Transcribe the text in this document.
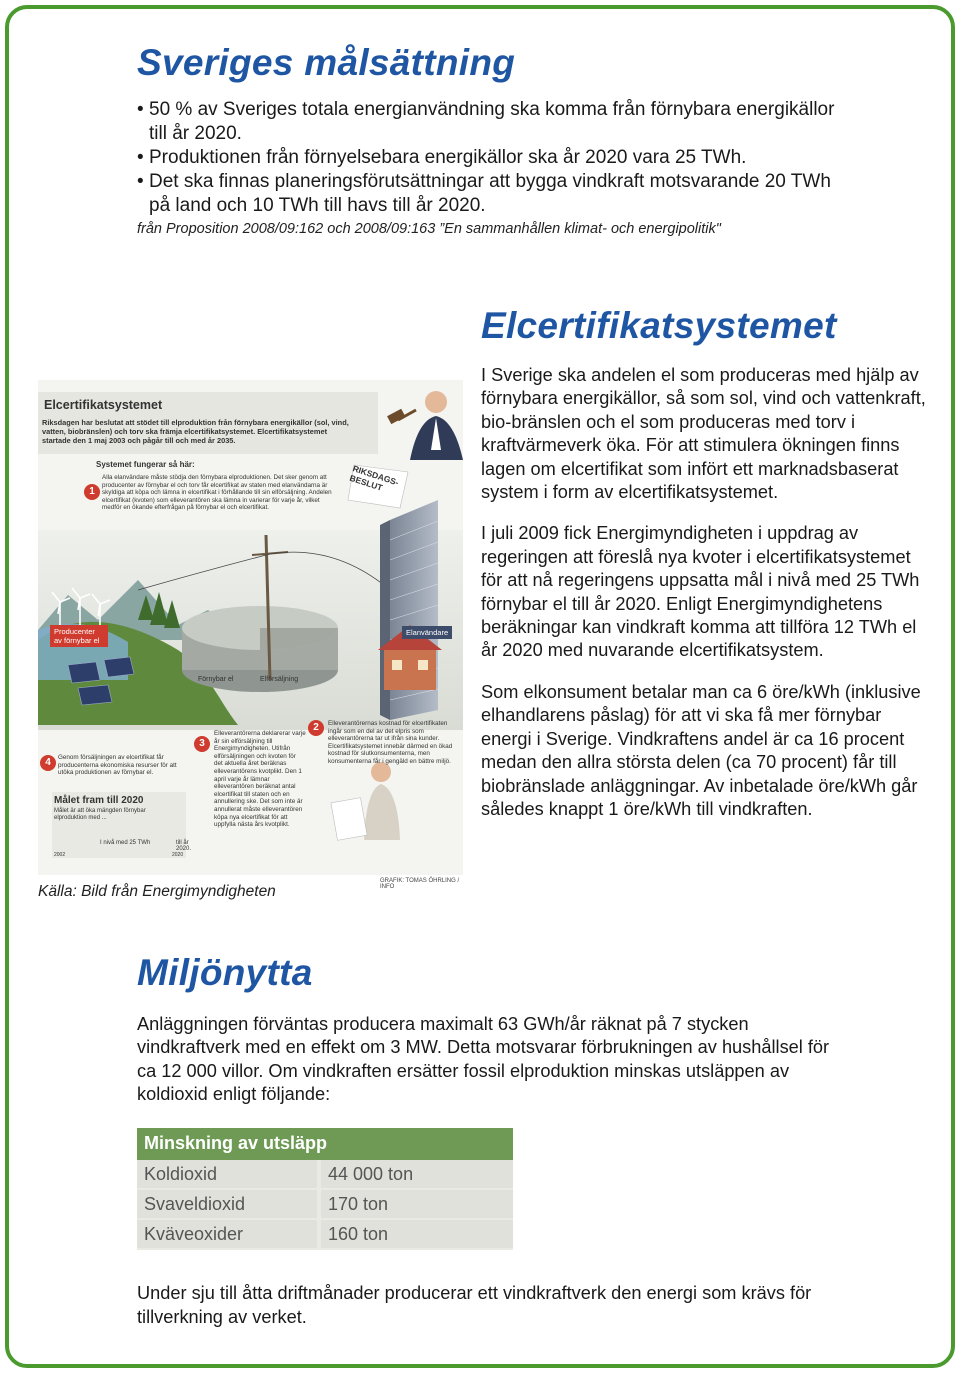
Sveriges målsättning
• 50 % av Sveriges totala energianvändning ska komma från förnybara energikällor till år 2020.
• Produktionen från förnyelsebara energikällor ska år 2020 vara 25 TWh.
• Det ska finnas planeringsförutsättningar att bygga vindkraft motsvarande 20 TWh på land och 10 TWh till havs till år 2020.
från Proposition 2008/09:162 och 2008/09:163 ”En sammanhållen klimat- och energipolitik"
Elcertifikatsystemet

I Sverige ska andelen el som produceras med hjälp av förnybara energikällor, så som sol, vind och vattenkraft, bio-bränslen och el som produceras med torv i kraftvärmeverk öka. För att stimulera ökningen finns lagen om elcertifikat som infört ett marknadsbaserat system i form av elcertifikatsystemet.

I juli 2009 fick Energimyndigheten i uppdrag av regeringen att föreslå nya kvoter i elcertifikatsystemet för att nå regeringens uppsatta mål i nivå med 25 TWh förnybar el till år 2020. Enligt Energimyndighetens beräkningar kan vindkraft komma att tillföra 12 TWh el år 2020 med nuvarande elcertifikatsystem.

Som elkonsument betalar man ca 6 öre/kWh (inklusive elhandlarens påslag) för att vi ska få mer förnybar energi i Sverige. Vindkraftens andel är ca 16 procent medan den allra största delen (ca 70 procent) får till biobränslade anläggningar. Av inbetalade öre/kWh går således knappt 1 öre/kWh till vindkraften.

Elcertifikatsystemet
Riksdagen har beslutat att stödet till elproduktion från förnybara energikällor (sol, vind, vatten, biobränslen) och torv ska främja elcertifikatsystemet. Elcertifikatsystemet startade den 1 maj 2003 och pågår till och med år 2035.
Systemet fungerar så här:
1
Alla elanvändare måste stödja den förnybara elproduktionen. Det sker genom att producenter av förnybar el och torv får elcertifikat av staten med elanvändarna är skyldiga att köpa och lämna in elcertifikat i förhållande till sin elförsäljning. Andelen elcertifikat (kvoten) som elleverantören ska lämna in varierar för varje år, vilket medför en ökande efterfrågan på förnybar el och elcertifikat.
RIKSDAGS-BESLUT
Producenter av förnybar el
Elanvändare
Förnybar el	Elförsäljning
2	Elleverantörernas kostnad för elcertifikaten ingår som en del av det elpris som elleverantörerna tar ut ifrån sina kunder. Elcertifikatsystemet innebär därmed en ökad kostnad för slutkonsumenterna, men konsumenterna får i gengäld en bättre miljö.
3
Elleverantörerna deklarerar varje år sin elförsäljning till Energimyndigheten. Utifrån elförsäljningen och kvoten för det aktuella året beräknas elleverantörens kvotplikt. Den 1 april varje år lämnar elleverantören beräknat antal elcertifikat till staten och en annullering ske. Det som inte är annullerat måste elleverantören köpa nya elcertifikat för att uppfylla nästa års kvotplikt.
4	Genom försäljningen av elcertifikat får producenterna ekonomiska resurser för att utöka produktionen av förnybar el.
Målet fram till 2020
Målet är att öka mängden förnybar elproduktion med ...
I nivå med 25 TWh	till år 2020.
2002	2020
GRAFIK: TOMAS ÖHRLING / INFO
Källa: Bild från Energimyndigheten
Miljönytta
Anläggningen förväntas producera maximalt 63 GWh/år räknat på 7 stycken vindkraftverk med en effekt om 3 MW. Detta motsvarar förbrukningen av hushållsel för ca 12 000 villor. Om vindkraften ersätter fossil elproduktion minskas utsläppen av koldioxid enligt följande:
Minskning av utsläpp
Koldioxid	44 000 ton
Svaveldioxid	170 ton
Kväveoxider	160 ton
Under sju till åtta driftmånader producerar ett vindkraftverk den energi som krävs för tillverkning av verket.
